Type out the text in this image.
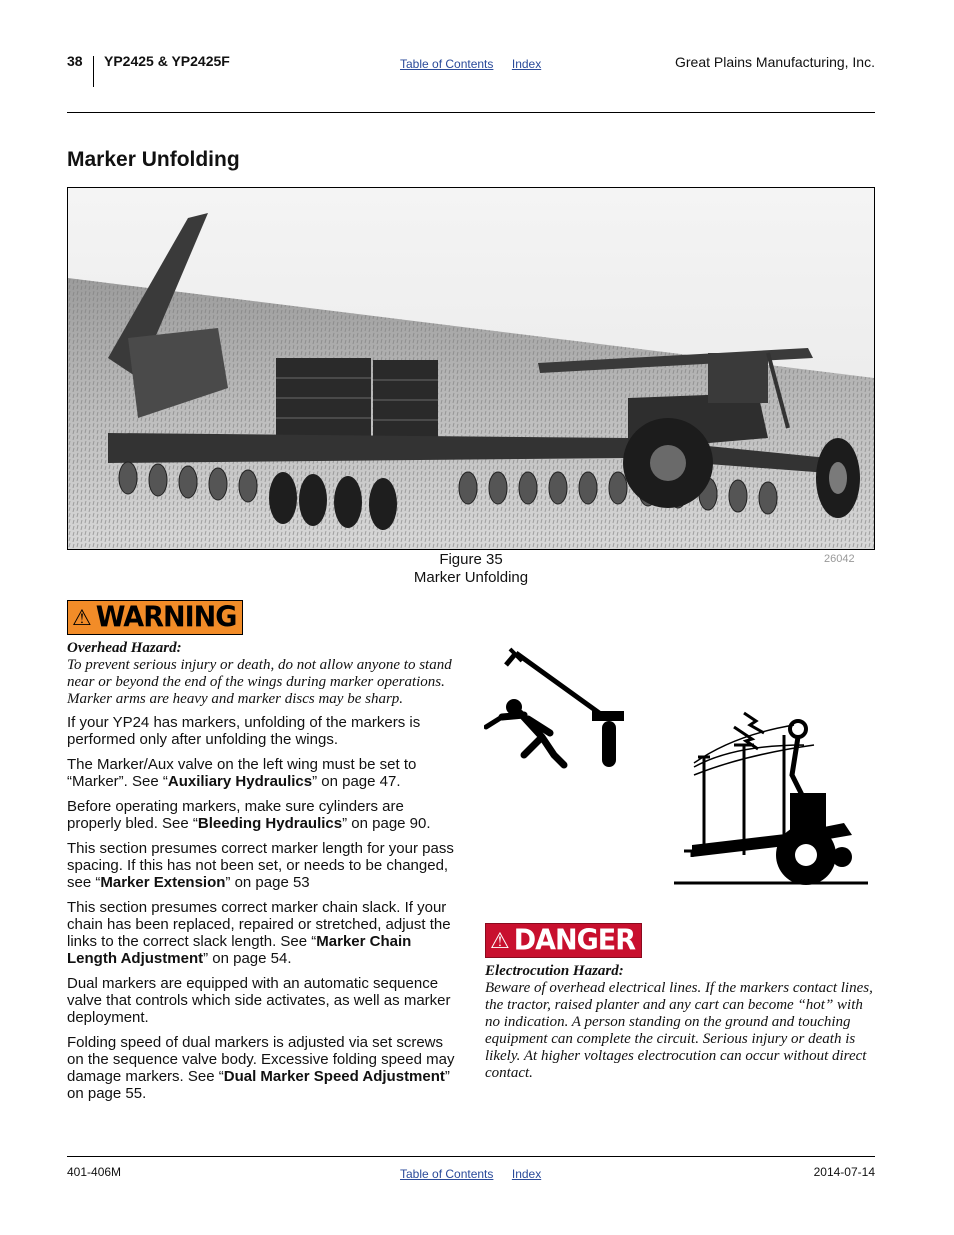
38 YP2425 & YP2425F	Table of Contents Index	Great Plains Manufacturing, Inc.
Marker Unfolding
Figure 35
Marker Unfolding
26042
⚠ WARNING
Overhead Hazard:

To prevent serious injury or death, do not allow anyone to stand near or beyond the end of the wings during marker operations. Marker arms are heavy and marker discs may be sharp.

If your YP24 has markers, unfolding of the markers is performed only after unfolding the wings.

The Marker/Aux valve on the left wing must be set to “Marker”. See “Auxiliary Hydraulics” on page 47.

Before operating markers, make sure cylinders are properly bled. See “Bleeding Hydraulics” on page 90.

This section presumes correct marker length for your pass spacing. If this has not been set, or needs to be changed, see “Marker Extension” on page 53

This section presumes correct marker chain slack. If your chain has been replaced, repaired or stretched, adjust the links to the correct slack length. See “Marker Chain Length Adjustment” on page 54.

Dual markers are equipped with an automatic sequence valve that controls which side activates, as well as marker deployment.

Folding speed of dual markers is adjusted via set screws on the sequence valve body. Excessive folding speed may damage markers. See “Dual Marker Speed Adjustment” on page 55.

⚠ DANGER
Electrocution Hazard:

Beware of overhead electrical lines. If the markers contact lines, the tractor, raised planter and any cart can become “hot” with no indication. A person standing on the ground and touching equipment can complete the circuit. Serious injury or death is likely. At higher voltages electrocution can occur without direct contact.

401-406M	Table of Contents Index	2014-07-14
